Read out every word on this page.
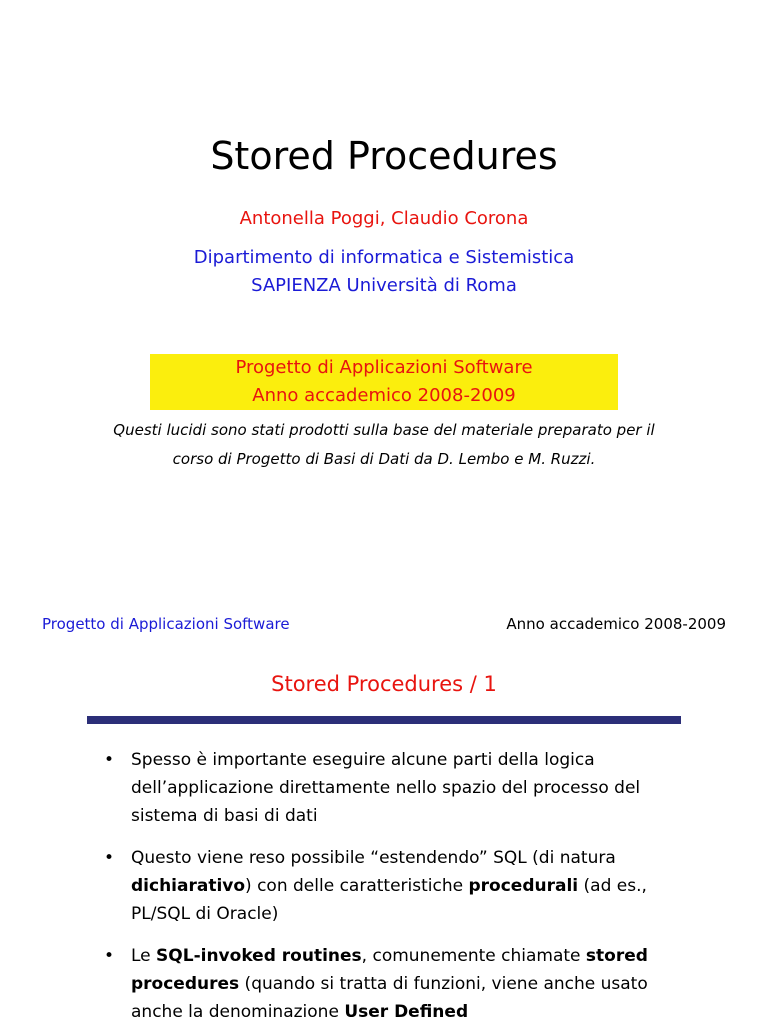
Stored Procedures
Antonella Poggi, Claudio Corona
Dipartimento di informatica e Sistemistica
SAPIENZA Università di Roma
Progetto di Applicazioni Software
Anno accademico 2008-2009
Questi lucidi sono stati prodotti sulla base del materiale preparato per il
corso di Progetto di Basi di Dati da D. Lembo e M. Ruzzi.
Progetto di Applicazioni Software	Anno accademico 2008-2009
Stored Procedures / 1
• Spesso è importante eseguire alcune parti della logica dell’applicazione direttamente nello spazio del processo del sistema di basi di dati
• Questo viene reso possibile “estendendo” SQL (di natura dichiarativo) con delle caratteristiche procedurali (ad es., PL/SQL di Oracle)
• Le SQL-invoked routines, comunemente chiamate stored procedures (quando si tratta di funzioni, viene anche usato anche la denominazione User Defined
